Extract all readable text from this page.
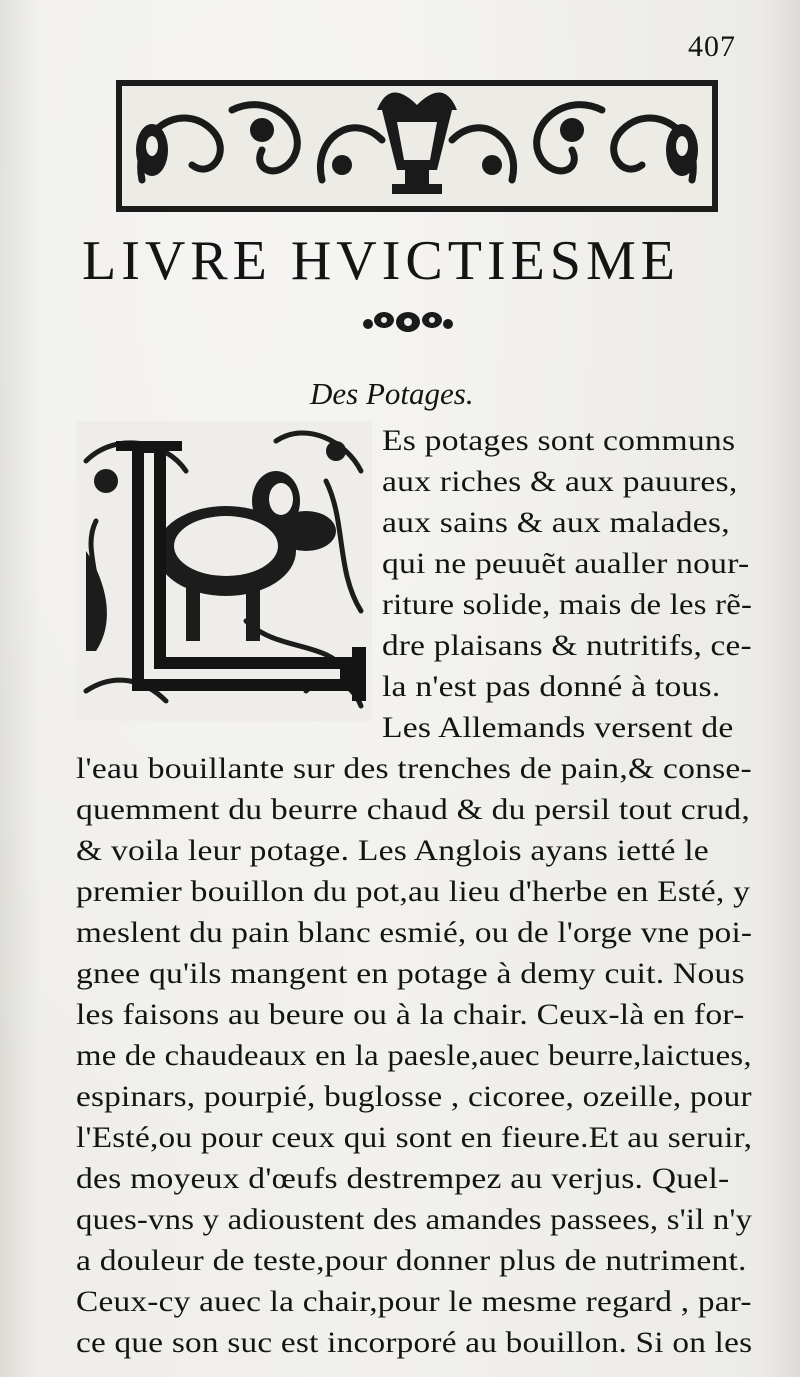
407
LIVRE HVICTIESME
Des Potages.
Es potages sont communs
aux riches & aux pauures,
aux sains & aux malades,
qui ne peuuẽt aualler nour-
riture solide, mais de les rẽ-
dre plaisans & nutritifs, ce-
la n'est pas donné à tous.
Les Allemands versent de
l'eau bouillante sur des trenches de pain,& conse-
quemment du beurre chaud & du persil tout crud,
& voila leur potage. Les Anglois ayans ietté le
premier bouillon du pot,au lieu d'herbe en Esté, y
meslent du pain blanc esmié, ou de l'orge vne poi-
gnee qu'ils mangent en potage à demy cuit. Nous
les faisons au beure ou à la chair. Ceux-là en for-
me de chaudeaux en la paesle,auec beurre,laictues,
espinars, pourpié, buglosse , cicoree, ozeille, pour
l'Esté,ou pour ceux qui sont en fieure.Et au seruir,
des moyeux d'œufs destrempez au verjus. Quel-
ques-vns y adioustent des amandes passees, s'il n'y
a douleur de teste,pour donner plus de nutriment.
Ceux-cy auec la chair,pour le mesme regard , par-
ce que son suc est incorporé au bouillon. Si on les
